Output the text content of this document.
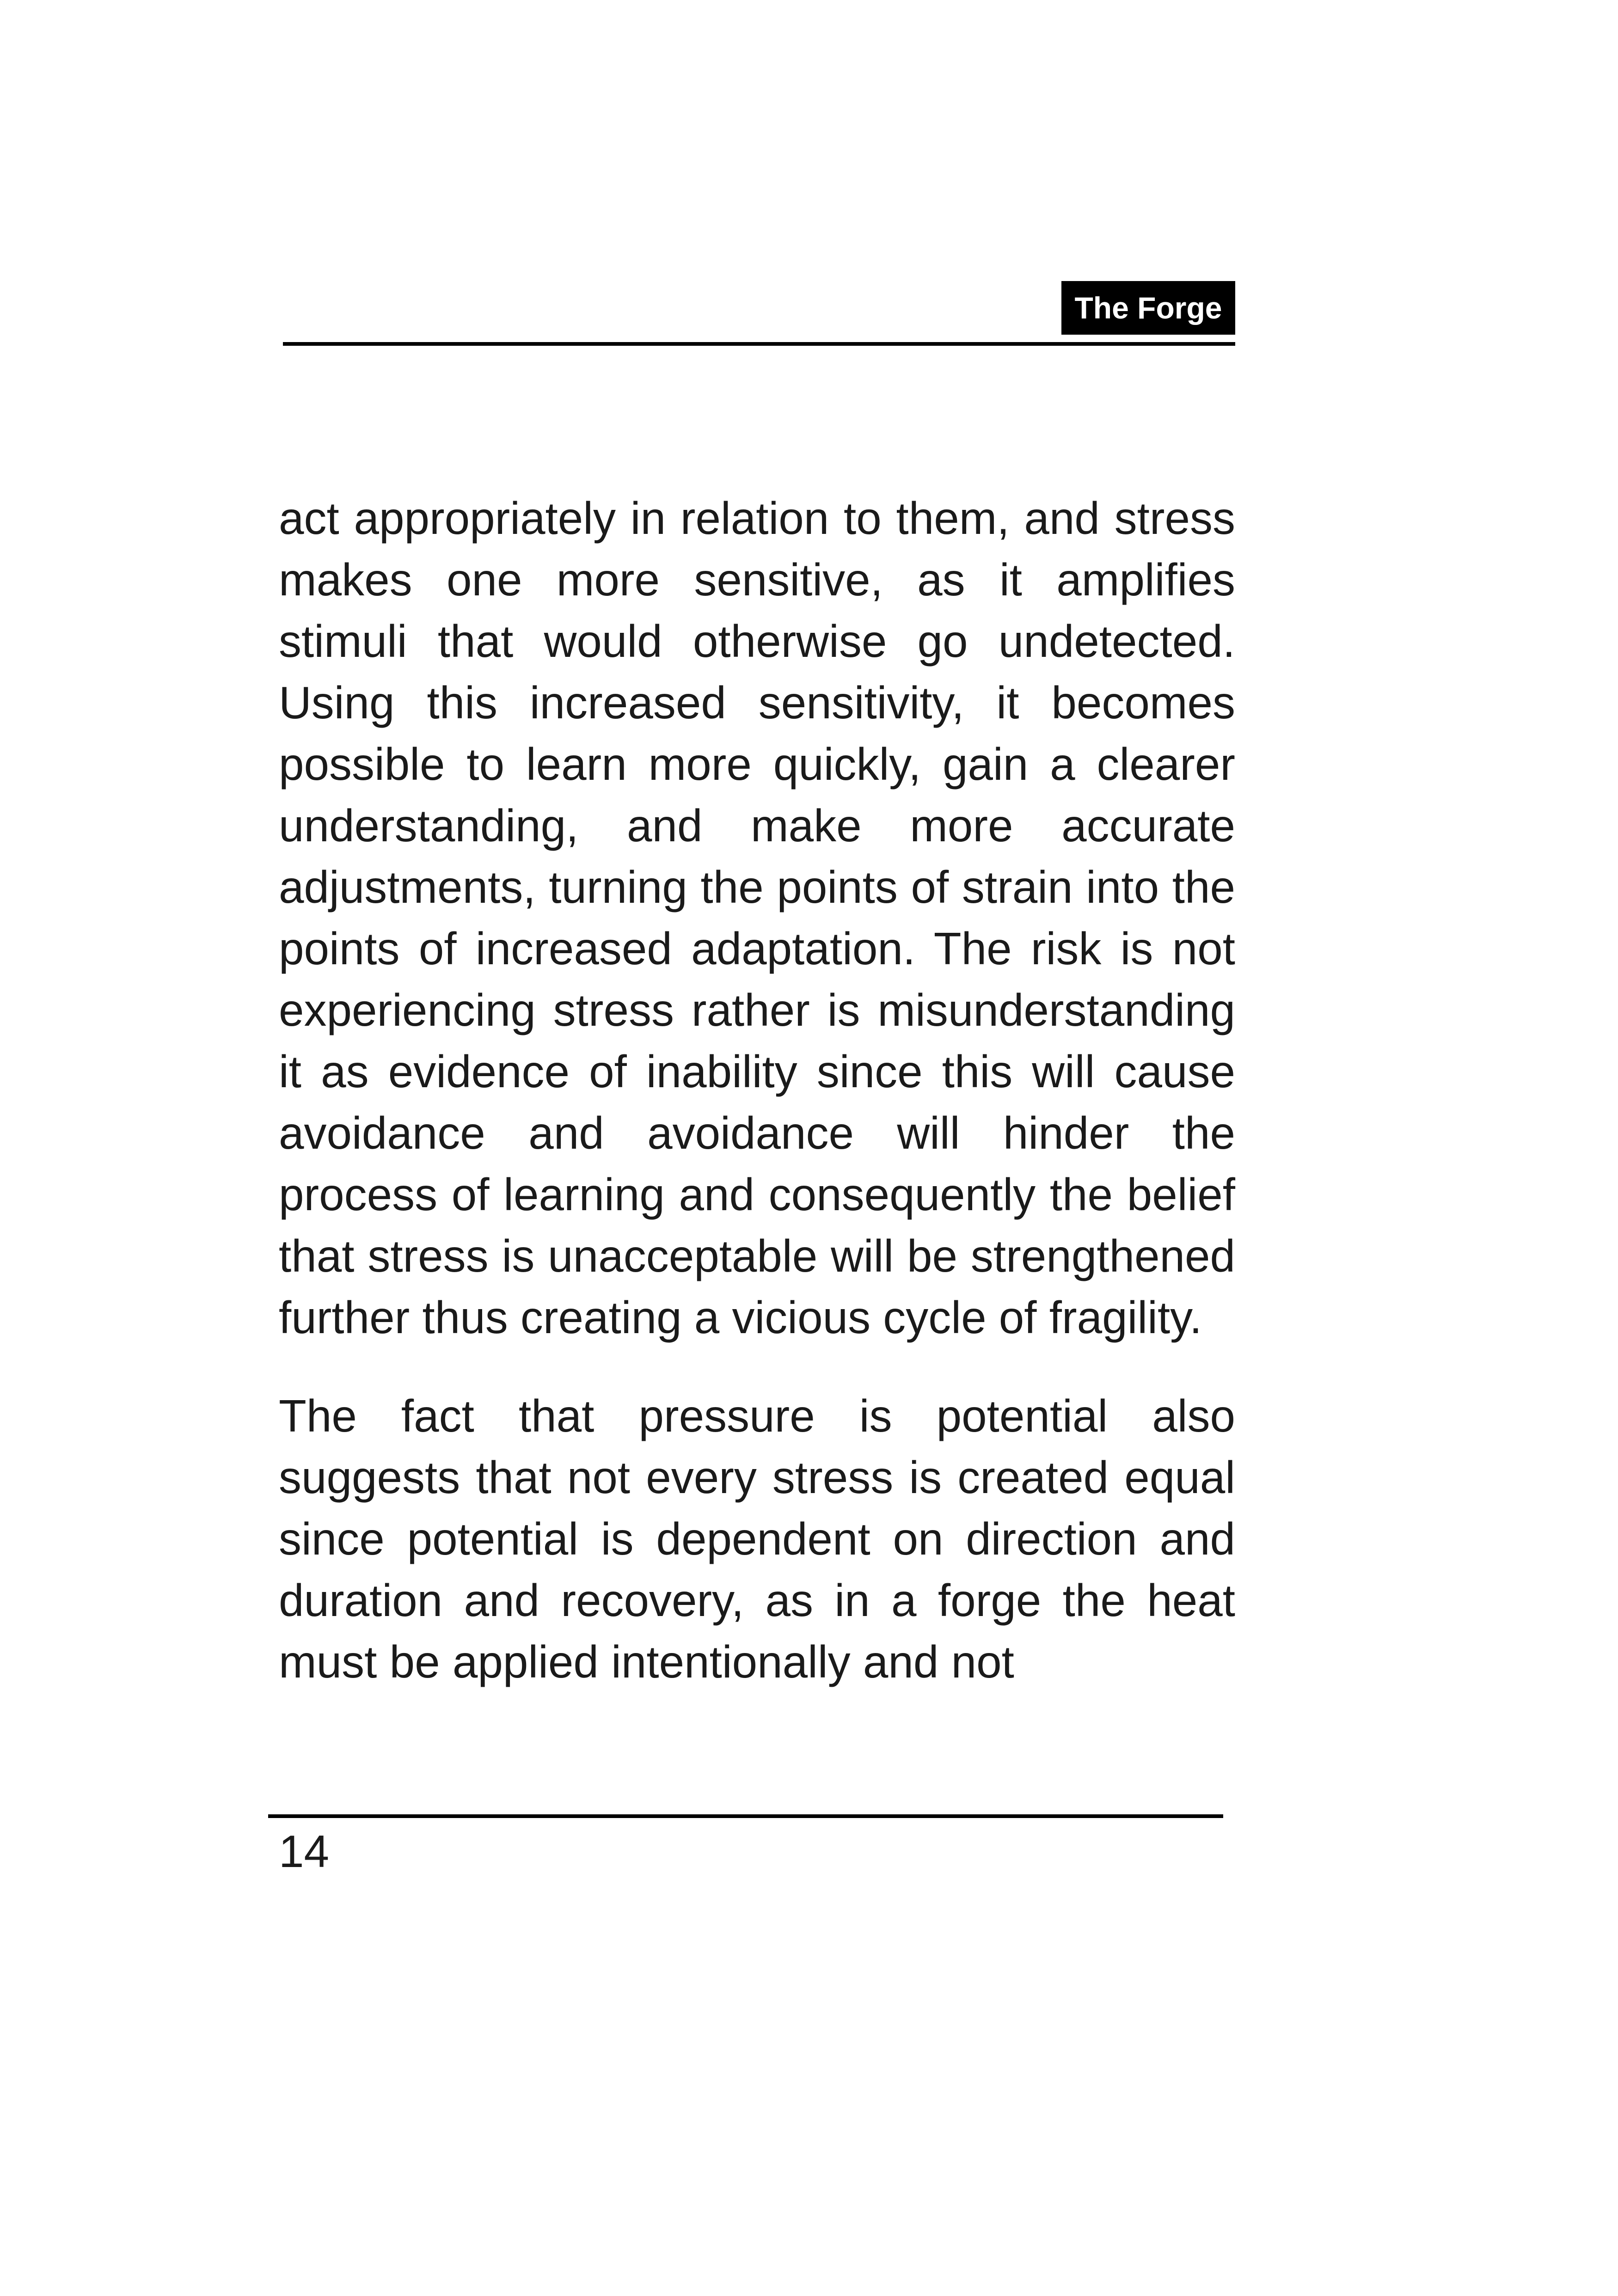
The Forge

act appropriately in relation to them, and stress makes one more sensitive, as it amplifies stimuli that would otherwise go undetected. Using this increased sensitivity, it becomes possible to learn more quickly, gain a clearer understanding, and make more accurate adjustments, turning the points of strain into the points of increased adaptation. The risk is not experiencing stress rather is misunderstanding it as evidence of inability since this will cause avoidance and avoidance will hinder the process of learning and consequently the belief that stress is unacceptable will be strengthened further thus creating a vicious cycle of fragility.

The fact that pressure is potential also suggests that not every stress is created equal since potential is dependent on direction and duration and recovery, as in a forge the heat must be applied intentionally and not

14
